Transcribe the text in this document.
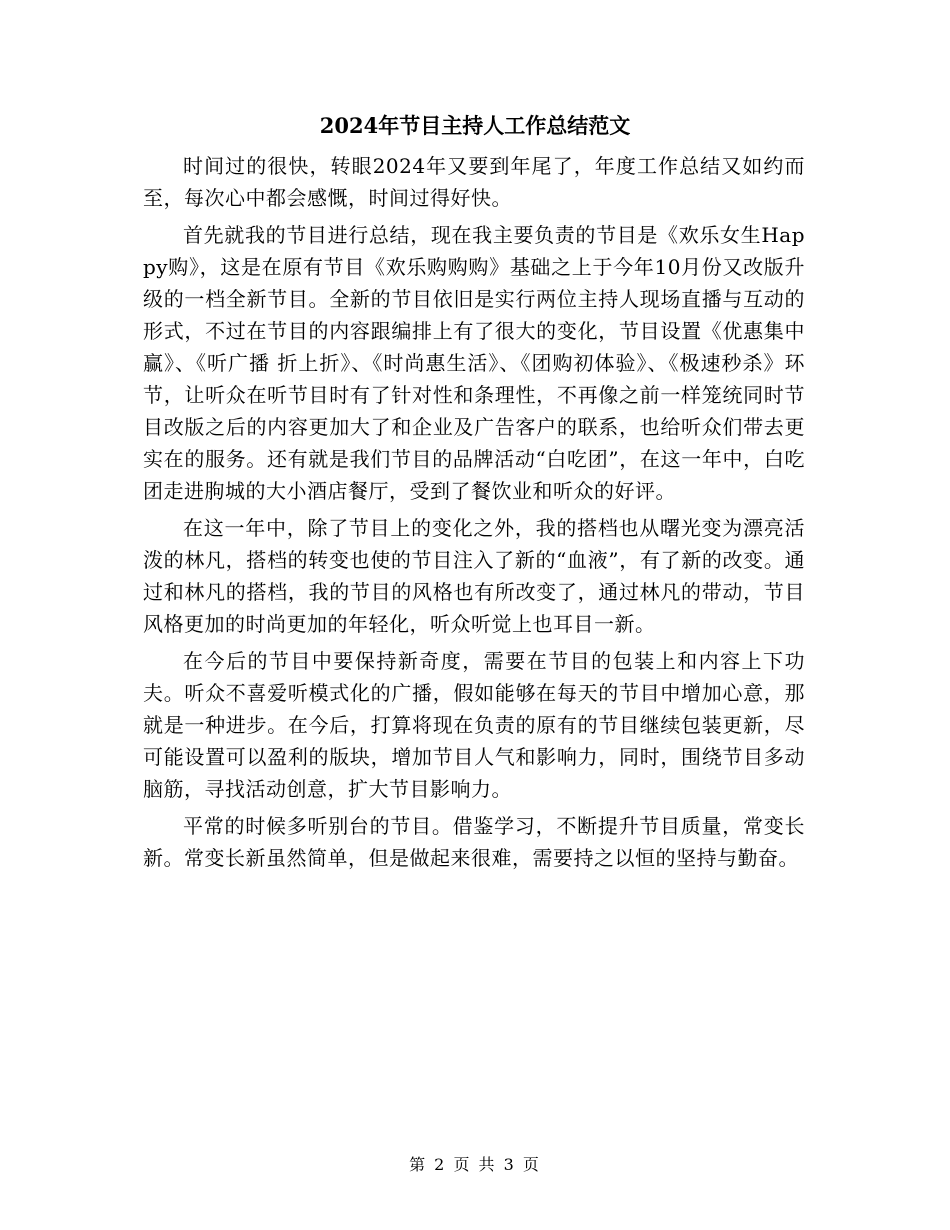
2024年节目主持人工作总结范文

时间过的很快，转眼2024年又要到年尾了，年度工作总结又如约而至，每次心中都会感慨，时间过得好快。

首先就我的节目进行总结，现在我主要负责的节目是《欢乐女生Happy购》，这是在原有节目《欢乐购购购》基础之上于今年10月份又改版升级的一档全新节目。全新的节目依旧是实行两位主持人现场直播与互动的形式，不过在节目的内容跟编排上有了很大的变化，节目设置《优惠集中赢》、《听广播 折上折》、《时尚惠生活》、《团购初体验》、《极速秒杀》环节，让听众在听节目时有了针对性和条理性，不再像之前一样笼统同时节目改版之后的内容更加大了和企业及广告客户的联系，也给听众们带去更实在的服务。还有就是我们节目的品牌活动“白吃团”，在这一年中，白吃团走进朐城的大小酒店餐厅，受到了餐饮业和听众的好评。

在这一年中，除了节目上的变化之外，我的搭档也从曙光变为漂亮活泼的林凡，搭档的转变也使的节目注入了新的“血液”，有了新的改变。通过和林凡的搭档，我的节目的风格也有所改变了，通过林凡的带动，节目风格更加的时尚更加的年轻化，听众听觉上也耳目一新。

在今后的节目中要保持新奇度，需要在节目的包装上和内容上下功夫。听众不喜爱听模式化的广播，假如能够在每天的节目中增加心意，那就是一种进步。在今后，打算将现在负责的原有的节目继续包装更新，尽可能设置可以盈利的版块，增加节目人气和影响力，同时，围绕节目多动脑筋，寻找活动创意，扩大节目影响力。

平常的时候多听别台的节目。借鉴学习，不断提升节目质量，常变长新。常变长新虽然简单，但是做起来很难，需要持之以恒的坚持与勤奋。

第 2 页 共 3 页
